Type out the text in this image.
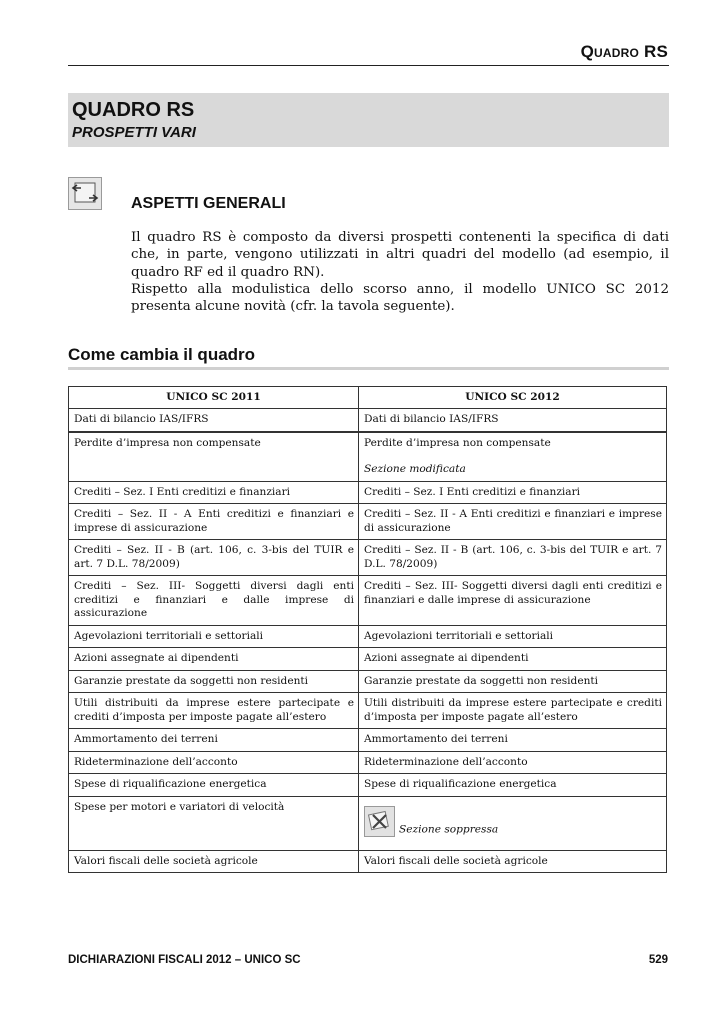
QUADRO RS
QUADRO RS
PROSPETTI VARI
ASPETTI GENERALI

Il quadro RS è composto da diversi prospetti contenenti la specifica di dati che, in parte, vengono utilizzati in altri quadri del modello (ad esempio, il quadro RF ed il quadro RN).

Rispetto alla modulistica dello scorso anno, il modello UNICO SC 2012 presenta alcune novità (cfr. la tavola seguente).

Come cambia il quadro
UNICO SC 2011	UNICO SC 2012
Dati di bilancio IAS/IFRS	Dati di bilancio IAS/IFRS
Perdite d’impresa non compensate	Perdite d’impresa non compensate
Sezione modificata

Crediti – Sez. I Enti creditizi e finanziari	Crediti – Sez. I Enti creditizi e finanziari
Crediti – Sez. II - A Enti creditizi e finanziari e imprese di assicurazione	Crediti – Sez. II - A Enti creditizi e finanziari e imprese di assicurazione
Crediti – Sez. II - B (art. 106, c. 3-bis del TUIR e art. 7 D.L. 78/2009)	Crediti – Sez. II - B (art. 106, c. 3-bis del TUIR e art. 7 D.L. 78/2009)
Crediti – Sez. III- Soggetti diversi dagli enti creditizi e finanziari e dalle imprese di assicurazione	Crediti – Sez. III- Soggetti diversi dagli enti creditizi e finanziari e dalle imprese di assicurazione
Agevolazioni territoriali e settoriali	Agevolazioni territoriali e settoriali
Azioni assegnate ai dipendenti	Azioni assegnate ai dipendenti
Garanzie prestate da soggetti non residenti	Garanzie prestate da soggetti non residenti
Utili distribuiti da imprese estere partecipate e crediti d’imposta per imposte pagate all’estero	Utili distribuiti da imprese estere partecipate e crediti d’imposta per imposte pagate all’estero
Ammortamento dei terreni	Ammortamento dei terreni
Rideterminazione dell’acconto	Rideterminazione dell’acconto
Spese di riqualificazione energetica	Spese di riqualificazione energetica
Spese per motori e variatori di velocità	Sezione soppressa

Valori fiscali delle società agricole	Valori fiscali delle società agricole
DICHIARAZIONI FISCALI 2012 – UNICO SC	529
